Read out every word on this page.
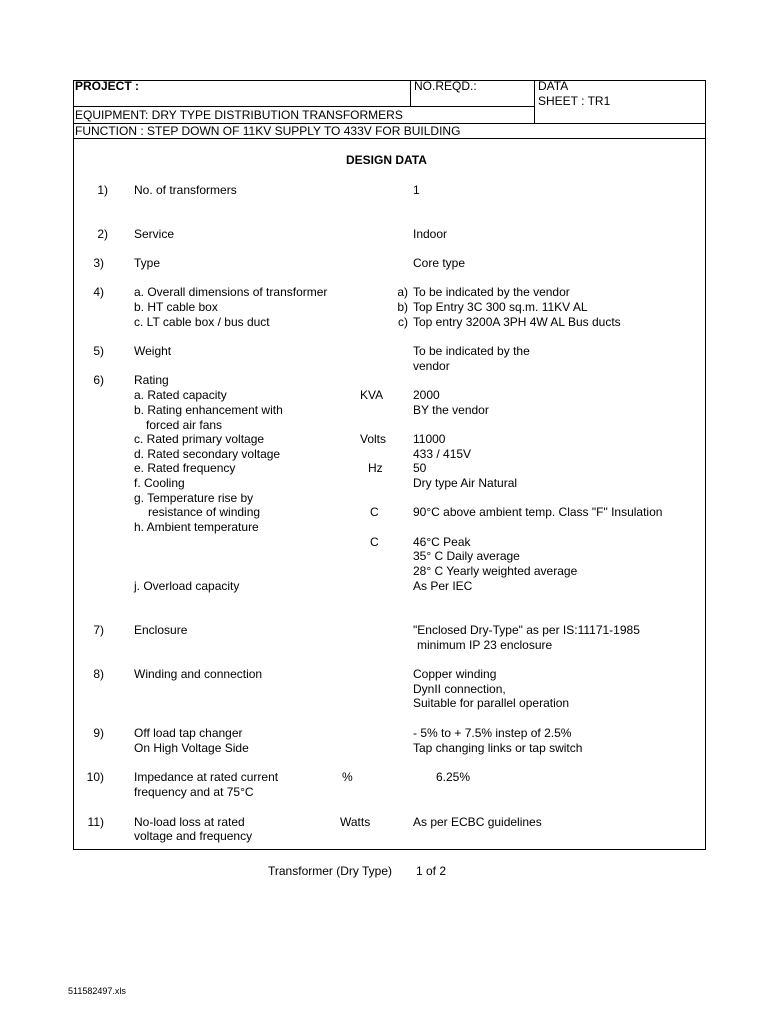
PROJECT :	NO.REQD.:	DATA
SHEET : TR1
EQUIPMENT: DRY TYPE DISTRIBUTION TRANSFORMERS
FUNCTION : STEP DOWN OF 11KV SUPPLY TO 433V FOR BUILDING
DESIGN DATA
1) No. of transformers	1
2) Service	Indoor
3)	Type	Core type
4)	a. Overall dimensions of transformer	a) To be indicated by the vendor
b. HT cable box	b) Top Entry 3C 300 sq.m. 11KV AL
c. LT cable box / bus duct	c) Top entry 3200A 3PH 4W AL Bus ducts
5)	Weight	To be indicated by the
vendor
6)	Rating
a. Rated capacity	KVA 2000
b. Rating enhancement with	BY the vendor
forced air fans
c. Rated primary voltage	Volts 11000
d. Rated secondary voltage	433 / 415V
e. Rated frequency	Hz	50
f. Cooling	Dry type Air Natural
g. Temperature rise by
resistance of winding	C	90°C above ambient temp. Class "F" Insulation
h. Ambient temperature
C	46°C Peak
35° C Daily average
28° C Yearly weighted average
j. Overload capacity	As Per IEC
7)	Enclosure	"Enclosed Dry-Type" as per IS:11171-1985
minimum IP 23 enclosure
8)	Winding and connection	Copper winding
DynII connection,
Suitable for parallel operation
9)	Off load tap changer	- 5% to + 7.5% instep of 2.5%
On High Voltage Side	Tap changing links or tap switch
10)	Impedance at rated current	%	6.25%
frequency and at 75°C
11)	No-load loss at rated	Watts	As per ECBC guidelines
voltage and frequency
Transformer (Dry Type) 1 of 2
511582497.xls
